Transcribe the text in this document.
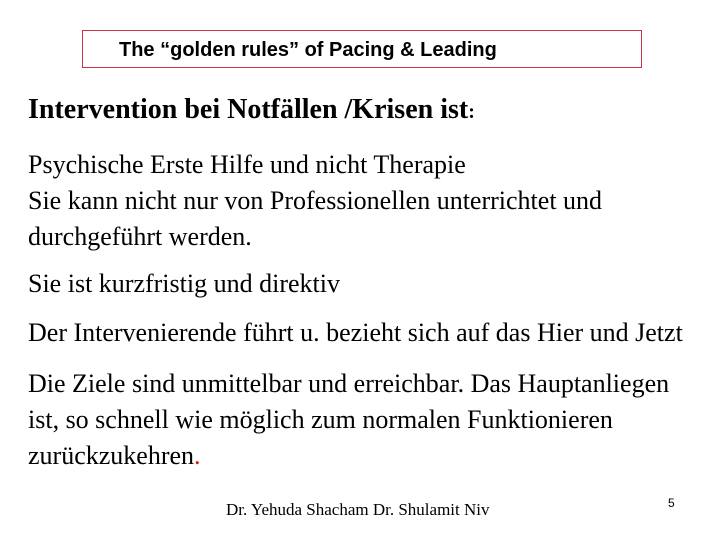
The “golden rules” of Pacing & Leading
Intervention bei Notfällen /Krisen ist:
Psychische Erste Hilfe und nicht Therapie
Sie kann nicht nur von Professionellen unterrichtet und
durchgeführt werden.
Sie ist kurzfristig und direktiv
Der Intervenierende führt u. bezieht sich auf das Hier und Jetzt
Die Ziele sind unmittelbar und erreichbar. Das Hauptanliegen
ist, so schnell wie möglich zum normalen Funktionieren
zurückzukehren.
Dr. Yehuda Shacham Dr. Shulamit Niv	5
